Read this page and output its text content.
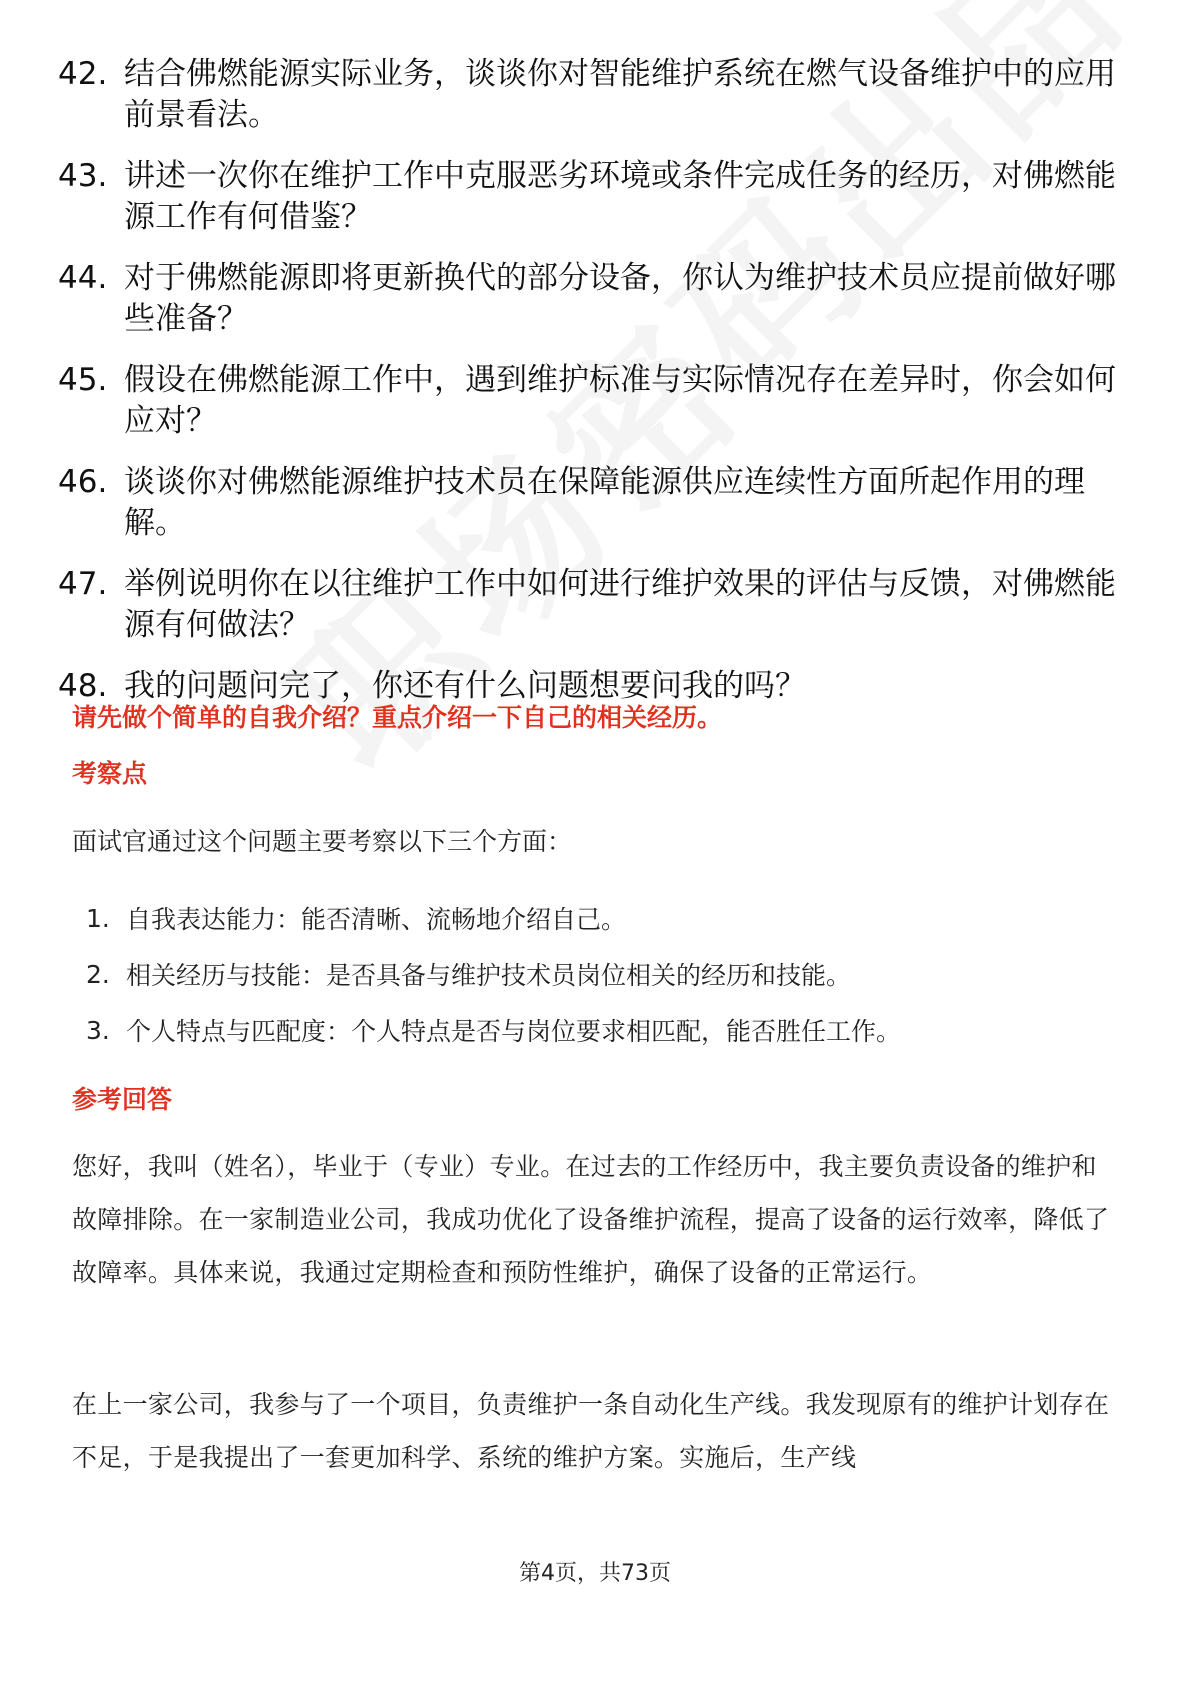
42. 结合佛燃能源实际业务，谈谈你对智能维护系统在燃气设备维护中的应用前景看法。
43. 讲述一次你在维护工作中克服恶劣环境或条件完成任务的经历，对佛燃能源工作有何借鉴？
44. 对于佛燃能源即将更新换代的部分设备，你认为维护技术员应提前做好哪些准备？
45. 假设在佛燃能源工作中，遇到维护标准与实际情况存在差异时，你会如何应对？
46. 谈谈你对佛燃能源维护技术员在保障能源供应连续性方面所起作用的理解。
47. 举例说明你在以往维护工作中如何进行维护效果的评估与反馈，对佛燃能源有何做法？
48. 我的问题问完了，你还有什么问题想要问我的吗？
请先做个简单的自我介绍？重点介绍一下自己的相关经历。
考察点
面试官通过这个问题主要考察以下三个方面：
1. 自我表达能力：能否清晰、流畅地介绍自己。
2. 相关经历与技能：是否具备与维护技术员岗位相关的经历和技能。
3. 个人特点与匹配度：个人特点是否与岗位要求相匹配，能否胜任工作。
参考回答
您好，我叫（姓名），毕业于（专业）专业。在过去的工作经历中，我主要负责设备的维护和故障排除。在一家制造业公司，我成功优化了设备维护流程，提高了设备的运行效率，降低了故障率。具体来说，我通过定期检查和预防性维护，确保了设备的正常运行。
在上一家公司，我参与了一个项目，负责维护一条自动化生产线。我发现原有的维护计划存在不足，于是我提出了一套更加科学、系统的维护方案。实施后，生产线
第4页，共73页
